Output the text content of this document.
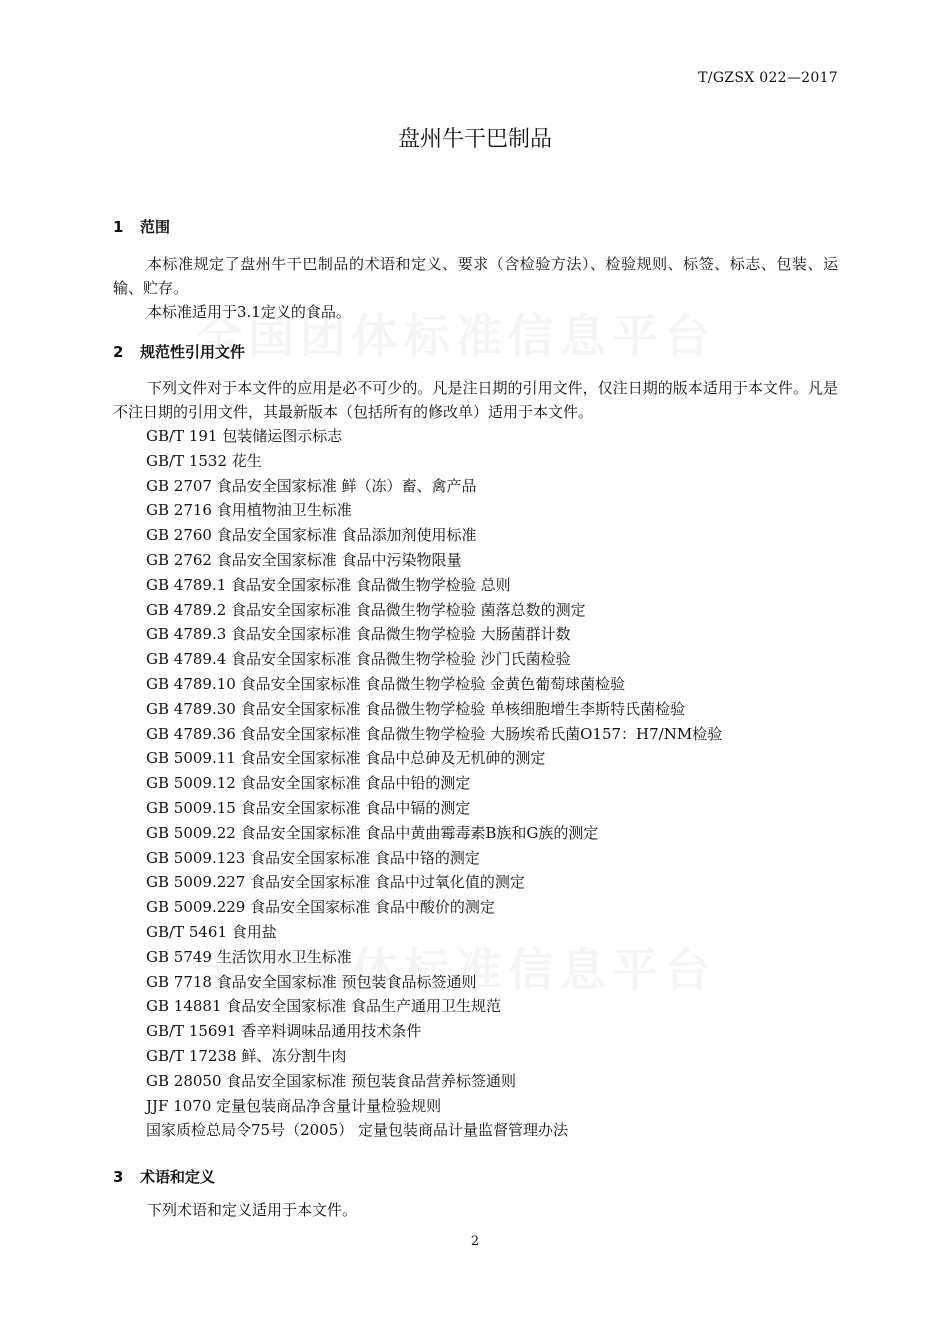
T/GZSX 022—2017
盘州牛干巴制品
1 范围
本标准规定了盘州牛干巴制品的术语和定义、要求（含检验方法）、检验规则、标签、标志、包装、运输、贮存。
本标准适用于3.1定义的食品。
2 规范性引用文件
下列文件对于本文件的应用是必不可少的。凡是注日期的引用文件，仅注日期的版本适用于本文件。凡是不注日期的引用文件，其最新版本（包括所有的修改单）适用于本文件。
GB/T 191 包装储运图示标志
GB/T 1532 花生
GB 2707 食品安全国家标准 鲜（冻）畜、禽产品
GB 2716 食用植物油卫生标准
GB 2760 食品安全国家标准 食品添加剂使用标准
GB 2762 食品安全国家标准 食品中污染物限量
GB 4789.1 食品安全国家标准 食品微生物学检验 总则
GB 4789.2 食品安全国家标准 食品微生物学检验 菌落总数的测定
GB 4789.3 食品安全国家标准 食品微生物学检验 大肠菌群计数
GB 4789.4 食品安全国家标准 食品微生物学检验 沙门氏菌检验
GB 4789.10 食品安全国家标准 食品微生物学检验 金黄色葡萄球菌检验
GB 4789.30 食品安全国家标准 食品微生物学检验 单核细胞增生李斯特氏菌检验
GB 4789.36 食品安全国家标准 食品微生物学检验 大肠埃希氏菌O157：H7/NM检验
GB 5009.11 食品安全国家标准 食品中总砷及无机砷的测定
GB 5009.12 食品安全国家标准 食品中铅的测定
GB 5009.15 食品安全国家标准 食品中镉的测定
GB 5009.22 食品安全国家标准 食品中黄曲霉毒素B族和G族的测定
GB 5009.123 食品安全国家标准 食品中铬的测定
GB 5009.227 食品安全国家标准 食品中过氧化值的测定
GB 5009.229 食品安全国家标准 食品中酸价的测定
GB/T 5461 食用盐
GB 5749 生活饮用水卫生标准
GB 7718 食品安全国家标准 预包装食品标签通则
GB 14881 食品安全国家标准 食品生产通用卫生规范
GB/T 15691 香辛料调味品通用技术条件
GB/T 17238 鲜、冻分割牛肉
GB 28050 食品安全国家标准 预包装食品营养标签通则
JJF 1070 定量包装商品净含量计量检验规则
国家质检总局令75号（2005） 定量包装商品计量监督管理办法
3 术语和定义
下列术语和定义适用于本文件。
2
